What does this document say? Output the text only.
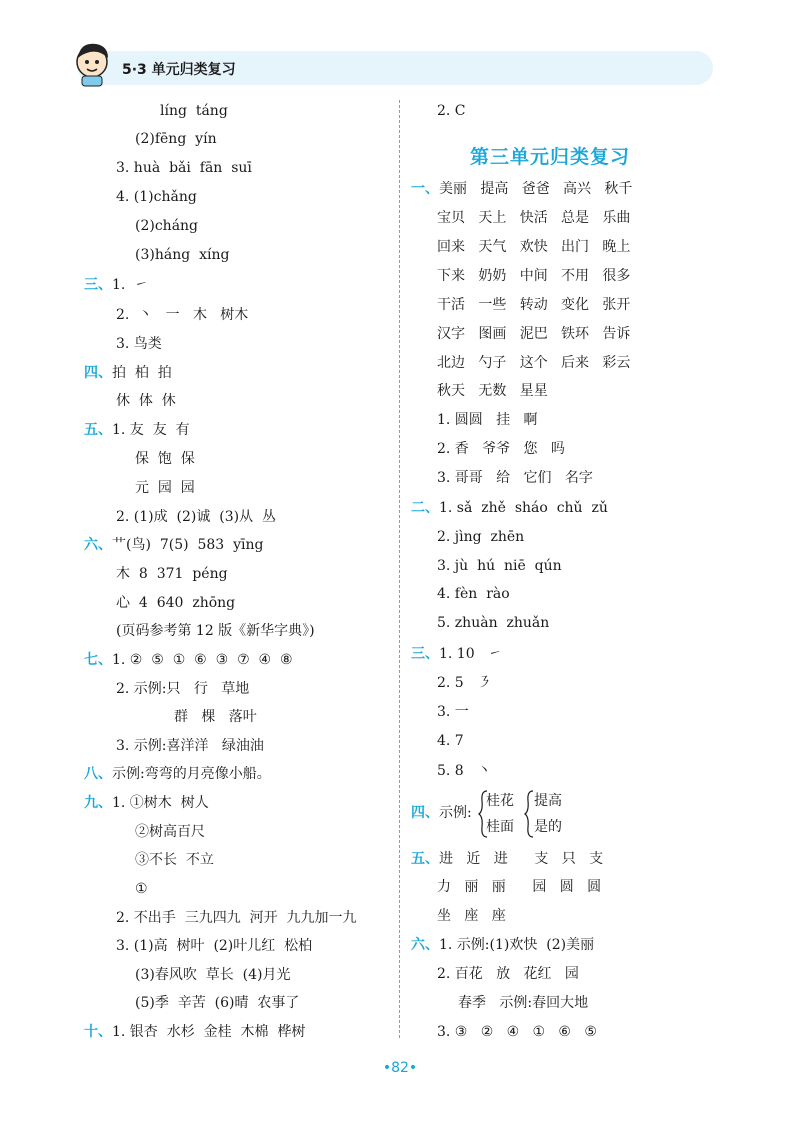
5·3 单元归类复习
líng  táng
(2)fēng  yín
3. huà  bǎi  fān  suī
4. (1)chǎng
(2)cháng
(3)háng  xíng
三、1.  ㇀
2.  丶   一   木   树木
3. 鸟类
四、拍  柏  拍
休  体  休
五、1. 友  友  有
保  饱  保
元  园  园
2. (1)成  (2)诚  (3)从  丛
六、艹(鸟)  7(5)  583  yīng
木  8  371  péng
心  4  640  zhōng
(页码参考第 12 版《新华字典》)
七、1. ②  ⑤  ①  ⑥  ③  ⑦  ④  ⑧
2. 示例:只   行   草地
群   棵   落叶
3. 示例:喜洋洋   绿油油
八、示例:弯弯的月亮像小船。
九、1. ①树木  树人
②树高百尺
③不长  不立
①
2. 不出手  三九四九  河开  九九加一九
3. (1)高  树叶  (2)叶儿红  松柏
(3)春风吹  草长  (4)月光
(5)季  辛苦  (6)晴  农事了
十、1. 银杏  水杉  金桂  木棉  桦树
2. C
第三单元归类复习
一、美丽   提高   爸爸   高兴   秋千
宝贝   天上   快活   总是   乐曲
回来   天气   欢快   出门   晚上
下来   奶奶   中间   不用   很多
干活   一些   转动   变化   张开
汉字   图画   泥巴   铁环   告诉
北边   勺子   这个   后来   彩云
秋天   无数   星星
1. 圆圆   挂   啊
2. 香   爷爷   您   吗
3. 哥哥   给   它们   名字
二、1. sǎ  zhě  sháo  chǔ  zǔ
2. jìng  zhēn
3. jù  hú  niē  qún
4. fèn  rào
5. zhuàn  zhuǎn
三、1. 10   ㇀
2. 5   ㇋
3. 一
4. 7
5. 8   丶
四、示例:
桂花
桂面
提高
是的
五、进   近   进      支   只   支
力   丽   丽      园   圆   圆
坐   座   座
六、1. 示例:(1)欢快  (2)美丽
2. 百花   放   花红   园
春季   示例:春回大地
3. ③   ②   ④   ①   ⑥   ⑤
•82•
